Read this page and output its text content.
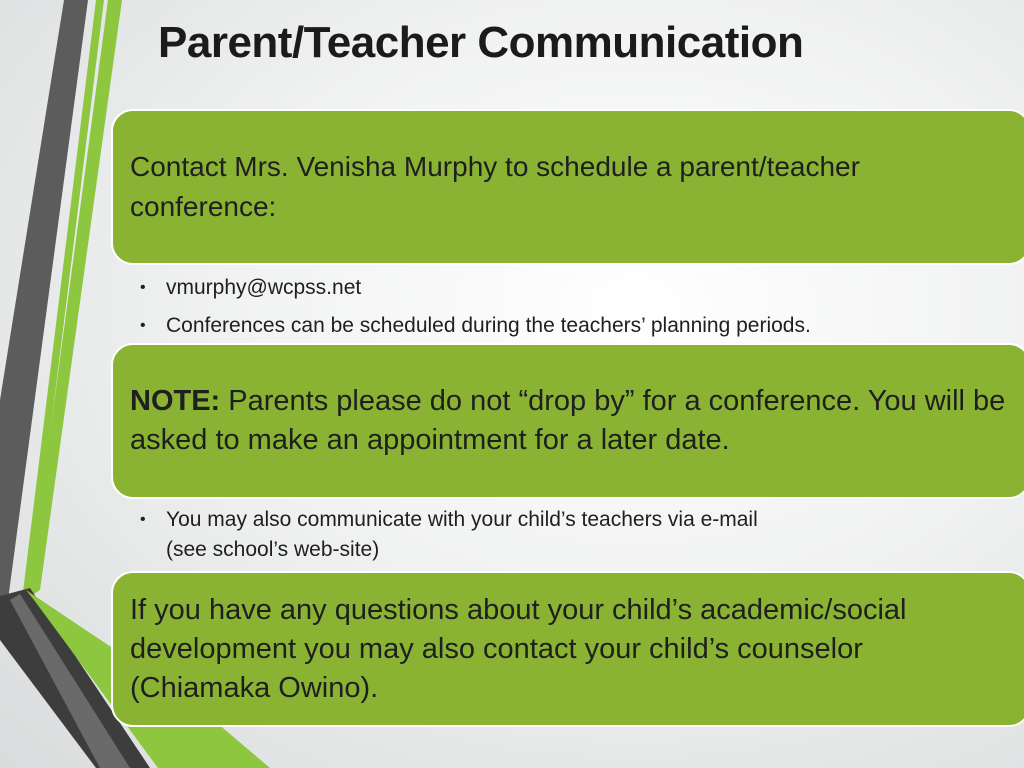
Parent/Teacher Communication

Contact Mrs. Venisha Murphy to schedule a parent/teacher conference:

• vmurphy@wcpss.net
• Conferences can be scheduled during the teachers’ planning periods.

NOTE: Parents please do not “drop by” for a conference. You will be asked to make an appointment for a later date.

• You may also communicate with your child’s teachers via e-mail
(see school’s web-site)

If you have any questions about your child’s academic/social development you may also contact your child’s counselor (Chiamaka Owino).
